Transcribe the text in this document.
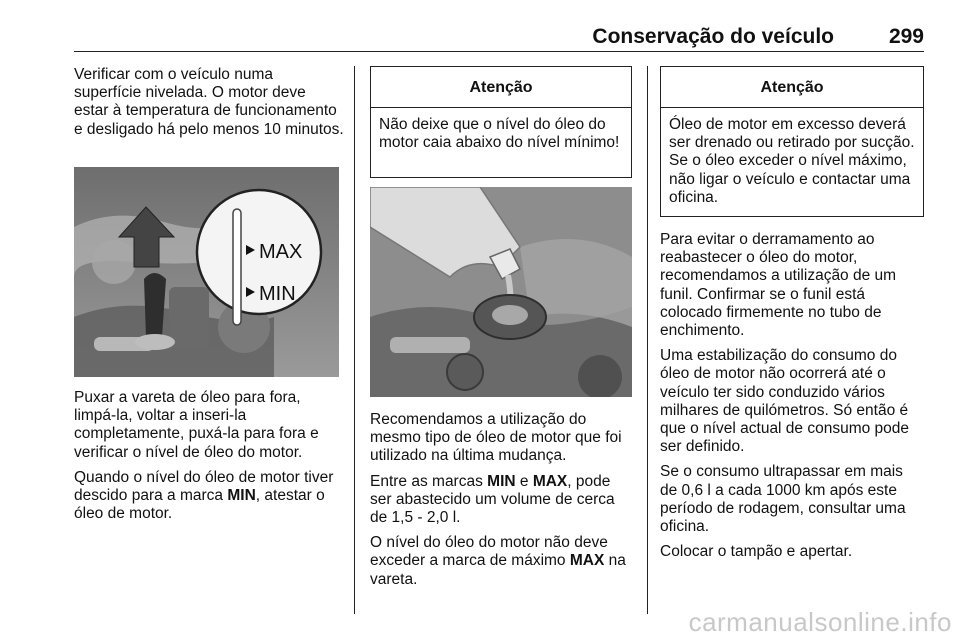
Conservação do veículo	299

Verificar com o veículo numa superfície nivelada. O motor deve estar à temperatura de funcionamento e desligado há pelo menos 10 minutos.

MAX
MIN

Puxar a vareta de óleo para fora, limpá-la, voltar a inseri-la completamente, puxá-la para fora e verificar o nível de óleo do motor.

Quando o nível do óleo de motor tiver descido para a marca MIN, atestar o óleo de motor.

Atenção
Não deixe que o nível do óleo do motor caia abaixo do nível mínimo!

Recomendamos a utilização do mesmo tipo de óleo de motor que foi utilizado na última mudança.

Entre as marcas MIN e MAX, pode ser abastecido um volume de cerca de 1,5 - 2,0 l.

O nível do óleo do motor não deve exceder a marca de máximo MAX na vareta.

Atenção
Óleo de motor em excesso deverá ser drenado ou retirado por sucção. Se o óleo exceder o nível máximo, não ligar o veículo e contactar uma oficina.

Para evitar o derramamento ao reabastecer o óleo do motor, recomendamos a utilização de um funil. Confirmar se o funil está colocado firmemente no tubo de enchimento.

Uma estabilização do consumo do óleo de motor não ocorrerá até o veículo ter sido conduzido vários milhares de quilómetros. Só então é que o nível actual de consumo pode ser definido.

Se o consumo ultrapassar em mais de 0,6 l a cada 1000 km após este período de rodagem, consultar uma oficina.

Colocar o tampão e apertar.

carmanualsonline.info
